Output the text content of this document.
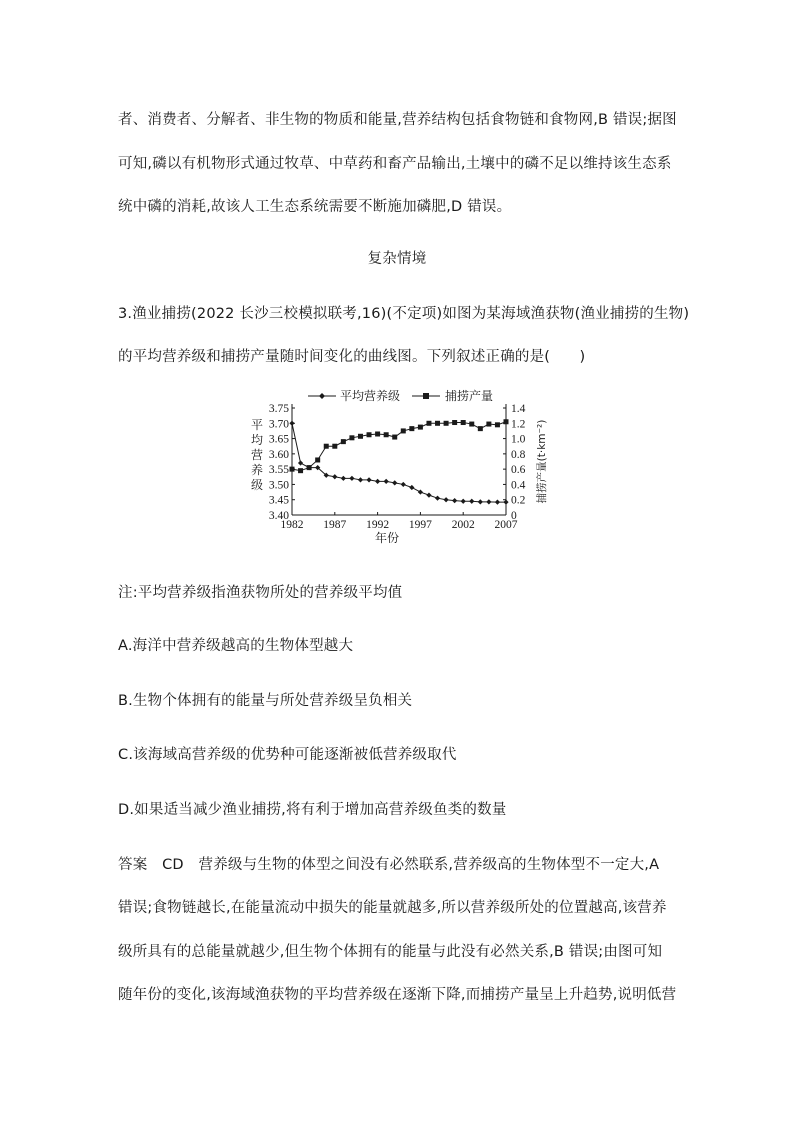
者、消费者、分解者、非生物的物质和能量,营养结构包括食物链和食物网,B 错误;据图
可知,磷以有机物形式通过牧草、中草药和畜产品输出,土壤中的磷不足以维持该生态系
统中磷的消耗,故该人工生态系统需要不断施加磷肥,D 错误。
复杂情境
3.渔业捕捞(2022 长沙三校模拟联考,16)(不定项)如图为某海域渔获物(渔业捕捞的生物)
的平均营养级和捕捞产量随时间变化的曲线图。下列叙述正确的是(　　)
3.75
3.70
3.65
3.60
3.55
3.50
3.45
3.40
1.4
1.2
1.0
0.8
0.6
0.4
0.2
0
1982 1987 1992 1997 2002 2007
年份
平
均
营
养
级	捕捞产量(t·km⁻²)
平均营养级	捕捞产量
注:平均营养级指渔获物所处的营养级平均值
A.海洋中营养级越高的生物体型越大
B.生物个体拥有的能量与所处营养级呈负相关
C.该海域高营养级的优势种可能逐渐被低营养级取代
D.如果适当减少渔业捕捞,将有利于增加高营养级鱼类的数量
答案　CD　营养级与生物的体型之间没有必然联系,营养级高的生物体型不一定大,A
错误;食物链越长,在能量流动中损失的能量就越多,所以营养级所处的位置越高,该营养
级所具有的总能量就越少,但生物个体拥有的能量与此没有必然关系,B 错误;由图可知
随年份的变化,该海域渔获物的平均营养级在逐渐下降,而捕捞产量呈上升趋势,说明低营
